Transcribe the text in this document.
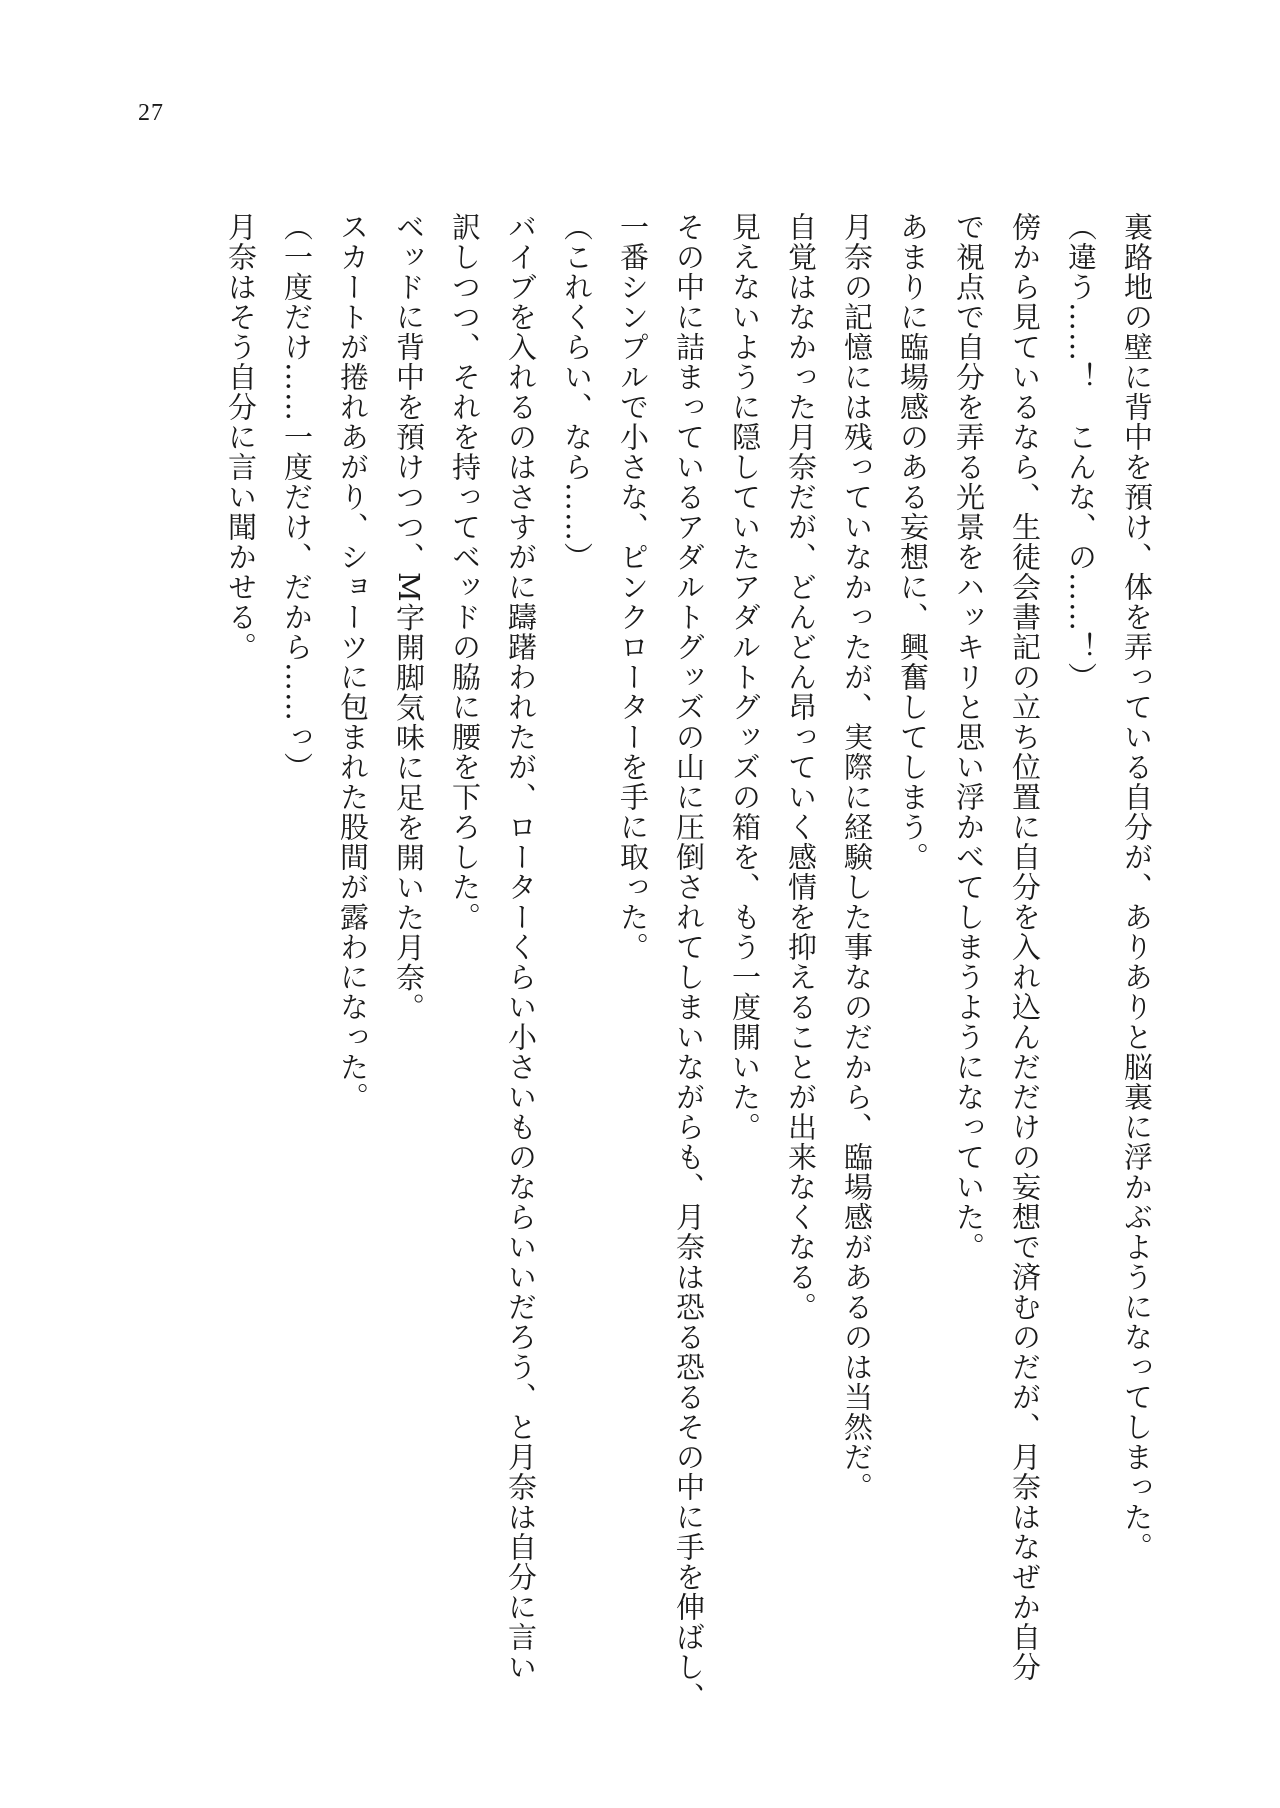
27
裏路地の壁に背中を預け、体を弄っている自分が、ありありと脳裏に浮かぶようになってしまった。
（違う……！　こんな、の……！）
傍から見ているなら、生徒会書記の立ち位置に自分を入れ込んだだけの妄想で済むのだが、月奈はなぜか自分
で視点で自分を弄る光景をハッキリと思い浮かべてしまうようになっていた。
あまりに臨場感のある妄想に、興奮してしまう。
月奈の記憶には残っていなかったが、実際に経験した事なのだから、臨場感があるのは当然だ。
自覚はなかった月奈だが、どんどん昂っていく感情を抑えることが出来なくなる。
見えないように隠していたアダルトグッズの箱を、もう一度開いた。
その中に詰まっているアダルトグッズの山に圧倒されてしまいながらも、月奈は恐る恐るその中に手を伸ばし、
一番シンプルで小さな、ピンクローターを手に取った。
（これくらい、なら……）
バイブを入れるのはさすがに躊躇われたが、ローターくらい小さいものならいいだろう、と月奈は自分に言い
訳しつつ、それを持ってベッドの脇に腰を下ろした。
ベッドに背中を預けつつ、M字開脚気味に足を開いた月奈。
スカートが捲れあがり、ショーツに包まれた股間が露わになった。
（一度だけ……一度だけ、だから……っ）
月奈はそう自分に言い聞かせる。
